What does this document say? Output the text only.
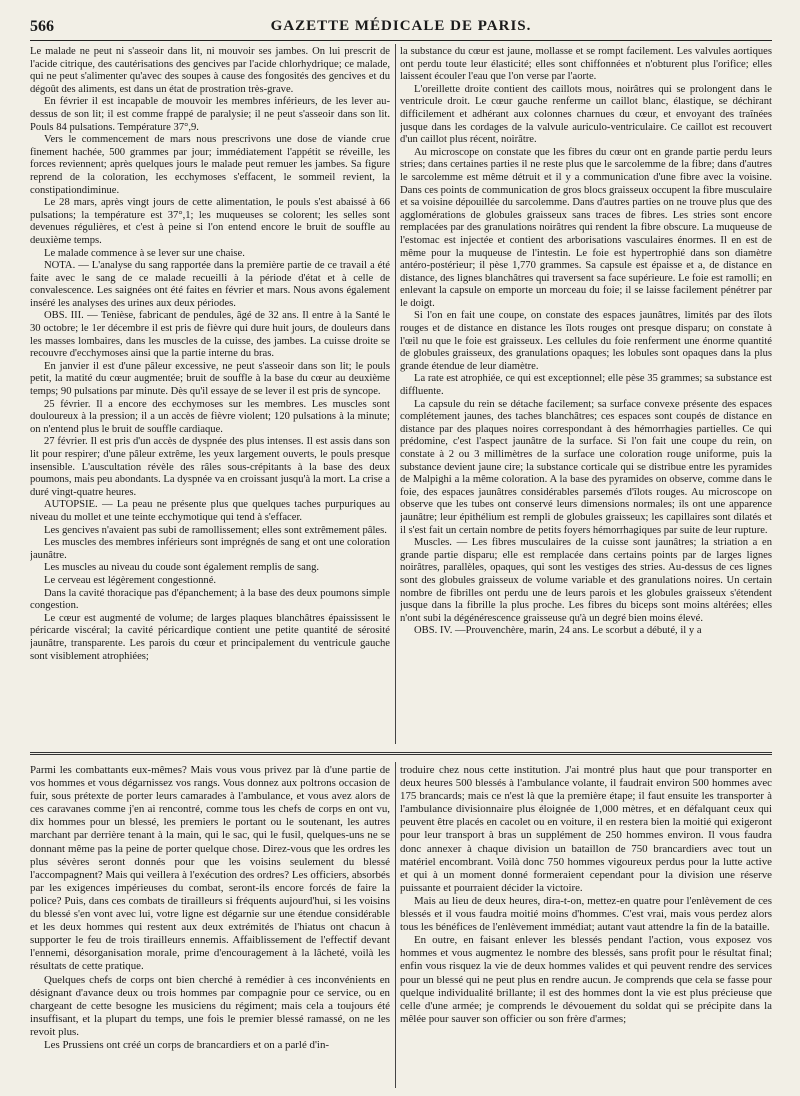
566	GAZETTE MÉDICALE DE PARIS.

Le malade ne peut ni s'asseoir dans lit, ni mouvoir ses jambes. On lui prescrit de l'acide citrique, des cautérisations des gencives par l'acide chlorhydrique; ce malade, qui ne peut s'alimenter qu'avec des soupes à cause des fongosités des gencives et du dégoût des aliments, est dans un état de prostration très-grave.

En février il est incapable de mouvoir les membres inférieurs, de les lever au-dessus de son lit; il est comme frappé de paralysie; il ne peut s'asseoir dans son lit. Pouls 84 pulsations. Température 37°,9.

Vers le commencement de mars nous prescrivons une dose de viande crue finement hachée, 500 grammes par jour; immédiatement l'appétit se réveille, les forces reviennent; après quelques jours le malade peut remuer les jambes. Sa figure reprend de la coloration, les ecchymoses s'effacent, le sommeil revient, la constipationdiminue.

Le 28 mars, après vingt jours de cette alimentation, le pouls s'est abaissé à 66 pulsations; la température est 37°,1; les muqueuses se colorent; les selles sont devenues régulières, et c'est à peine si l'on entend encore le bruit de souffle au deuxième temps.

Le malade commence à se lever sur une chaise.

NOTA. — L'analyse du sang rapportée dans la première partie de ce travail a été faite avec le sang de ce malade recueilli à la période d'état et à celle de convalescence. Les saignées ont été faites en février et mars. Nous avons également inséré les analyses des urines aux deux périodes.

OBS. III. — Tenièse, fabricant de pendules, âgé de 32 ans. Il entre à la Santé le 30 octobre; le 1er décembre il est pris de fièvre qui dure huit jours, de douleurs dans les masses lombaires, dans les muscles de la cuisse, des jambes. La cuisse droite se recouvre d'ecchymoses ainsi que la partie interne du bras.

En janvier il est d'une pâleur excessive, ne peut s'asseoir dans son lit; le pouls petit, la matité du cœur augmentée; bruit de souffle à la base du cœur au deuxième temps; 90 pulsations par minute. Dès qu'il essaye de se lever il est pris de syncope.

25 février. Il a encore des ecchymoses sur les membres. Les muscles sont douloureux à la pression; il a un accès de fièvre violent; 120 pulsations à la minute; on n'entend plus le bruit de souffle cardiaque.

27 février. Il est pris d'un accès de dyspnée des plus intenses. Il est assis dans son lit pour respirer; d'une pâleur extrême, les yeux largement ouverts, le pouls presque insensible. L'auscultation révèle des râles sous-crépitants à la base des deux poumons, mais peu abondants. La dyspnée va en croissant jusqu'à la mort. La crise a duré vingt-quatre heures.

AUTOPSIE. — La peau ne présente plus que quelques taches purpuriques au niveau du mollet et une teinte ecchymotique qui tend à s'effacer.

Les gencives n'avaient pas subi de ramollissement; elles sont extrêmement pâles.

Les muscles des membres inférieurs sont imprégnés de sang et ont une coloration jaunâtre.

Les muscles au niveau du coude sont également remplis de sang.

Le cerveau est légèrement congestionné.

Dans la cavité thoracique pas d'épanchement; à la base des deux poumons simple congestion.

Le cœur est augmenté de volume; de larges plaques blanchâtres épaississent le péricarde viscéral; la cavité péricardique contient une petite quantité de sérosité jaunâtre, transparente. Les parois du cœur et principalement du ventricule gauche sont visiblement atrophiées;

la substance du cœur est jaune, mollasse et se rompt facilement. Les valvules aortiques ont perdu toute leur élasticité; elles sont chiffonnées et n'obturent plus l'orifice; elles laissent écouler l'eau que l'on verse par l'aorte.

L'oreillette droite contient des caillots mous, noirâtres qui se prolongent dans le ventricule droit. Le cœur gauche renferme un caillot blanc, élastique, se déchirant difficilement et adhérant aux colonnes charnues du cœur, et envoyant des traînées jusque dans les cordages de la valvule auriculo-ventriculaire. Ce caillot est recouvert d'un caillot plus récent, noirâtre.

Au microscope on constate que les fibres du cœur ont en grande partie perdu leurs stries; dans certaines parties il ne reste plus que le sarcolemme de la fibre; dans d'autres le sarcolemme est même détruit et il y a communication d'une fibre avec la voisine. Dans ces points de communication de gros blocs graisseux occupent la fibre musculaire et sa voisine dépouillée du sarcolemme. Dans d'autres parties on ne trouve plus que des agglomérations de globules graisseux sans traces de fibres. Les stries sont encore remplacées par des granulations noirâtres qui rendent la fibre obscure. La muqueuse de l'estomac est injectée et contient des arborisations vasculaires énormes. Il en est de même pour la muqueuse de l'intestin. Le foie est hypertrophié dans son diamètre antéro-postérieur; il pèse 1,770 grammes. Sa capsule est épaisse et a, de distance en distance, des lignes blanchâtres qui traversent sa face supérieure. Le foie est ramolli; en enlevant la capsule on emporte un morceau du foie; il se laisse facilement pénétrer par le doigt.

Si l'on en fait une coupe, on constate des espaces jaunâtres, limités par des îlots rouges et de distance en distance les îlots rouges ont presque disparu; on constate à l'œil nu que le foie est graisseux. Les cellules du foie renferment une énorme quantité de globules graisseux, des granulations opaques; les lobules sont opaques dans la plus grande étendue de leur diamètre.

La rate est atrophiée, ce qui est exceptionnel; elle pèse 35 grammes; sa substance est diffluente.

La capsule du rein se détache facilement; sa surface convexe présente des espaces complétement jaunes, des taches blanchâtres; ces espaces sont coupés de distance en distance par des plaques noires correspondant à des hémorrhagies partielles. Ce qui prédomine, c'est l'aspect jaunâtre de la surface. Si l'on fait une coupe du rein, on constate à 2 ou 3 millimètres de la surface une coloration rouge uniforme, puis la substance devient jaune cire; la substance corticale qui se distribue entre les pyramides de Malpighi a la même coloration. A la base des pyramides on observe, comme dans le foie, des espaces jaunâtres considérables parsemés d'îlots rouges. Au microscope on observe que les tubes ont conservé leurs dimensions normales; ils ont une apparence jaunâtre; leur épithélium est rempli de globules graisseux; les capillaires sont dilatés et il s'est fait un certain nombre de petits foyers hémorrhagiques par suite de leur rupture.

Muscles. — Les fibres musculaires de la cuisse sont jaunâtres; la striation a en grande partie disparu; elle est remplacée dans certains points par de larges lignes noirâtres, parallèles, opaques, qui sont les vestiges des stries. Au-dessus de ces lignes sont des globules graisseux de volume variable et des granulations noires. Un certain nombre de fibrilles ont perdu une de leurs parois et les globules graisseux s'étendent jusque dans la fibrille la plus proche. Les fibres du biceps sont moins altérées; elles n'ont subi la dégénérescence graisseuse qu'à un degré bien moins élevé.

OBS. IV. —Prouvenchère, marin, 24 ans. Le scorbut a débuté, il y a

Parmi les combattants eux-mêmes? Mais vous vous privez par là d'une partie de vos hommes et vous dégarnissez vos rangs. Vous donnez aux poltrons occasion de fuir, sous prétexte de porter leurs camarades à l'ambulance, et vous avez alors de ces caravanes comme j'en ai rencontré, comme tous les chefs de corps en ont vu, dix hommes pour un blessé, les premiers le portant ou le soutenant, les autres marchant par derrière tenant à la main, qui le sac, qui le fusil, quelques-uns ne se donnant même pas la peine de porter quelque chose. Direz-vous que les ordres les plus sévères seront donnés pour que les voisins seulement du blessé l'accompagnent? Mais qui veillera à l'exécution des ordres? Les officiers, absorbés par les exigences impérieuses du combat, seront-ils encore forcés de faire la police? Puis, dans ces combats de tirailleurs si fréquents aujourd'hui, si les voisins du blessé s'en vont avec lui, votre ligne est dégarnie sur une étendue considérable et les deux hommes qui restent aux deux extrémités de l'hiatus ont chacun à supporter le feu de trois tirailleurs ennemis. Affaiblissement de l'effectif devant l'ennemi, désorganisation morale, prime d'encouragement à la lâcheté, voilà les résultats de cette pratique.

Quelques chefs de corps ont bien cherché à remédier à ces inconvénients en désignant d'avance deux ou trois hommes par compagnie pour ce service, ou en chargeant de cette besogne les musiciens du régiment; mais cela a toujours été insuffisant, et la plupart du temps, une fois le premier blessé ramassé, on ne les revoit plus.

Les Prussiens ont créé un corps de brancardiers et on a parlé d'in-

troduire chez nous cette institution. J'ai montré plus haut que pour transporter en deux heures 500 blessés à l'ambulance volante, il faudrait environ 500 hommes avec 175 brancards; mais ce n'est là que la première étape; il faut ensuite les transporter à l'ambulance divisionnaire plus éloignée de 1,000 mètres, et en défalquant ceux qui peuvent être placés en cacolet ou en voiture, il en restera bien la moitié qui exigeront pour leur transport à bras un supplément de 250 hommes environ. Il vous faudra donc annexer à chaque division un bataillon de 750 brancardiers avec tout un matériel encombrant. Voilà donc 750 hommes vigoureux perdus pour la lutte active et qui à un moment donné formeraient cependant pour la division une réserve puissante et pourraient décider la victoire.

Mais au lieu de deux heures, dira-t-on, mettez-en quatre pour l'enlèvement de ces blessés et il vous faudra moitié moins d'hommes. C'est vrai, mais vous perdez alors tous les bénéfices de l'enlèvement immédiat; autant vaut attendre la fin de la bataille.

En outre, en faisant enlever les blessés pendant l'action, vous exposez vos hommes et vous augmentez le nombre des blessés, sans profit pour le résultat final; enfin vous risquez la vie de deux hommes valides et qui peuvent rendre des services pour un blessé qui ne peut plus en rendre aucun. Je comprends que cela se fasse pour quelque individualité brillante; il est des hommes dont la vie est plus précieuse que celle d'une armée; je comprends le dévouement du soldat qui se précipite dans la mêlée pour sauver son officier ou son frère d'armes;
